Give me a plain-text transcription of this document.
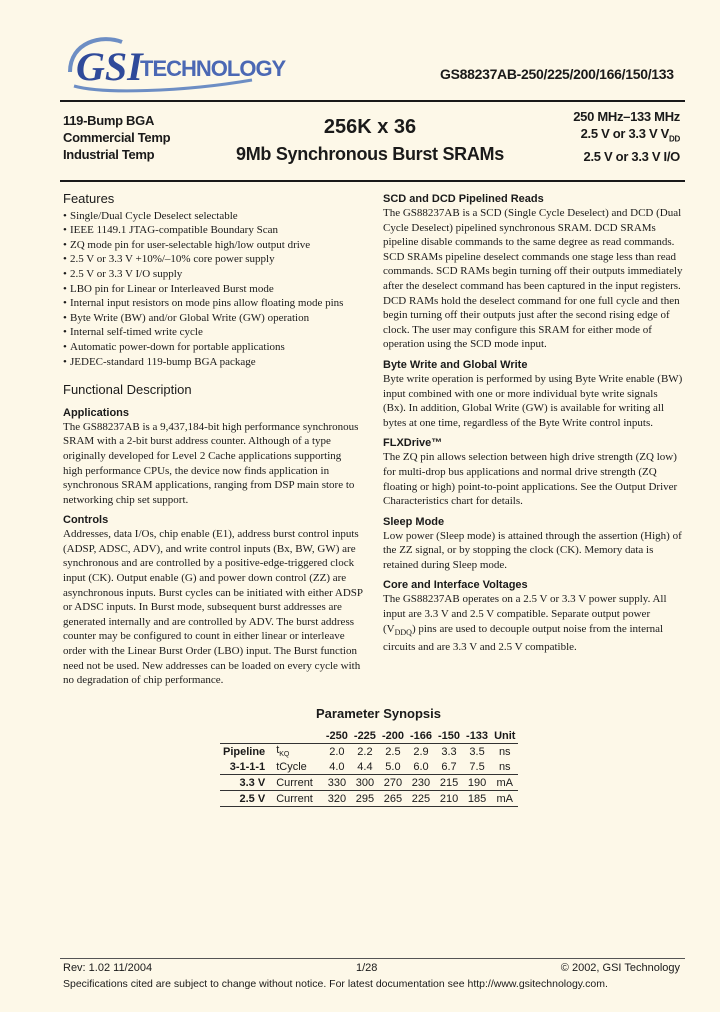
GSI
TECHNOLOGY	GS88237AB-250/225/200/166/150/133
119-Bump BGA
Commercial Temp
Industrial Temp
256K x 36
9Mb Synchronous Burst SRAMs
250 MHz–133 MHz
2.5 V or 3.3 V $V_{DD}$
2.5 V or 3.3 V I/O
Features
• Single/Dual Cycle Deselect selectable
• IEEE 1149.1 JTAG-compatible Boundary Scan
• ZQ mode pin for user-selectable high/low output drive
• 2.5 V or 3.3 V +10%/–10% core power supply
• 2.5 V or 3.3 V I/O supply
• LBO pin for Linear or Interleaved Burst mode
• Internal input resistors on mode pins allow floating mode pins
• Byte Write (BW) and/or Global Write (GW) operation
• Internal self-timed write cycle
• Automatic power-down for portable applications
• JEDEC-standard 119-bump BGA package
Functional Description
Applications

The GS88237AB is a 9,437,184-bit high performance synchronous SRAM with a 2-bit burst address counter. Although of a type originally developed for Level 2 Cache applications supporting high performance CPUs, the device now finds application in synchronous SRAM applications, ranging from DSP main store to networking chip set support.

Controls

Addresses, data I/Os, chip enable (E1), address burst control inputs (ADSP, ADSC, ADV), and write control inputs (Bx, BW, GW) are synchronous and are controlled by a positive-edge-triggered clock input (CK). Output enable (G) and power down control (ZZ) are asynchronous inputs. Burst cycles can be initiated with either ADSP or ADSC inputs. In Burst mode, subsequent burst addresses are generated internally and are controlled by ADV. The burst address counter may be configured to count in either linear or interleave order with the Linear Burst Order (LBO) input. The Burst function need not be used. New addresses can be loaded on every cycle with no degradation of chip performance.

SCD and DCD Pipelined Reads

The GS88237AB is a SCD (Single Cycle Deselect) and DCD (Dual Cycle Deselect) pipelined synchronous SRAM. DCD SRAMs pipeline disable commands to the same degree as read commands. SCD SRAMs pipeline deselect commands one stage less than read commands. SCD RAMs begin turning off their outputs immediately after the deselect command has been captured in the input registers. DCD RAMs hold the deselect command for one full cycle and then begin turning off their outputs just after the second rising edge of clock. The user may configure this SRAM for either mode of operation using the SCD mode input.

Byte Write and Global Write

Byte write operation is performed by using Byte Write enable (BW) input combined with one or more individual byte write signals (Bx). In addition, Global Write (GW) is available for writing all bytes at one time, regardless of the Byte Write control inputs.

FLXDrive™

The ZQ pin allows selection between high drive strength (ZQ low) for multi-drop bus applications and normal drive strength (ZQ floating or high) point-to-point applications. See the Output Driver Characteristics chart for details.

Sleep Mode

Low power (Sleep mode) is attained through the assertion (High) of the ZZ signal, or by stopping the clock (CK). Memory data is retained during Sleep mode.

Core and Interface Voltages

The GS88237AB operates on a 2.5 V or 3.3 V power supply. All input are 3.3 V and 2.5 V compatible. Separate output power $(V_{DDQ})$ pins are used to decouple output noise from the internal circuits and are 3.3 V and 2.5 V compatible.

Parameter Synopsis
		-250	-225	-200	-166	-150	-133	Unit
Pipeline	$t_{KQ}$	2.0	2.2	2.5	2.9	3.3	3.5	ns
3-1-1-1	tCycle	4.0	4.4	5.0	6.0	6.7	7.5	ns
3.3 V	Current	330	300	270	230	215	190	mA
2.5 V	Current	320	295	265	225	210	185	mA
Rev: 1.02 11/2004	1/28	© 2002, GSI Technology
Specifications cited are subject to change without notice. For latest documentation see http://www.gsitechnology.com.
